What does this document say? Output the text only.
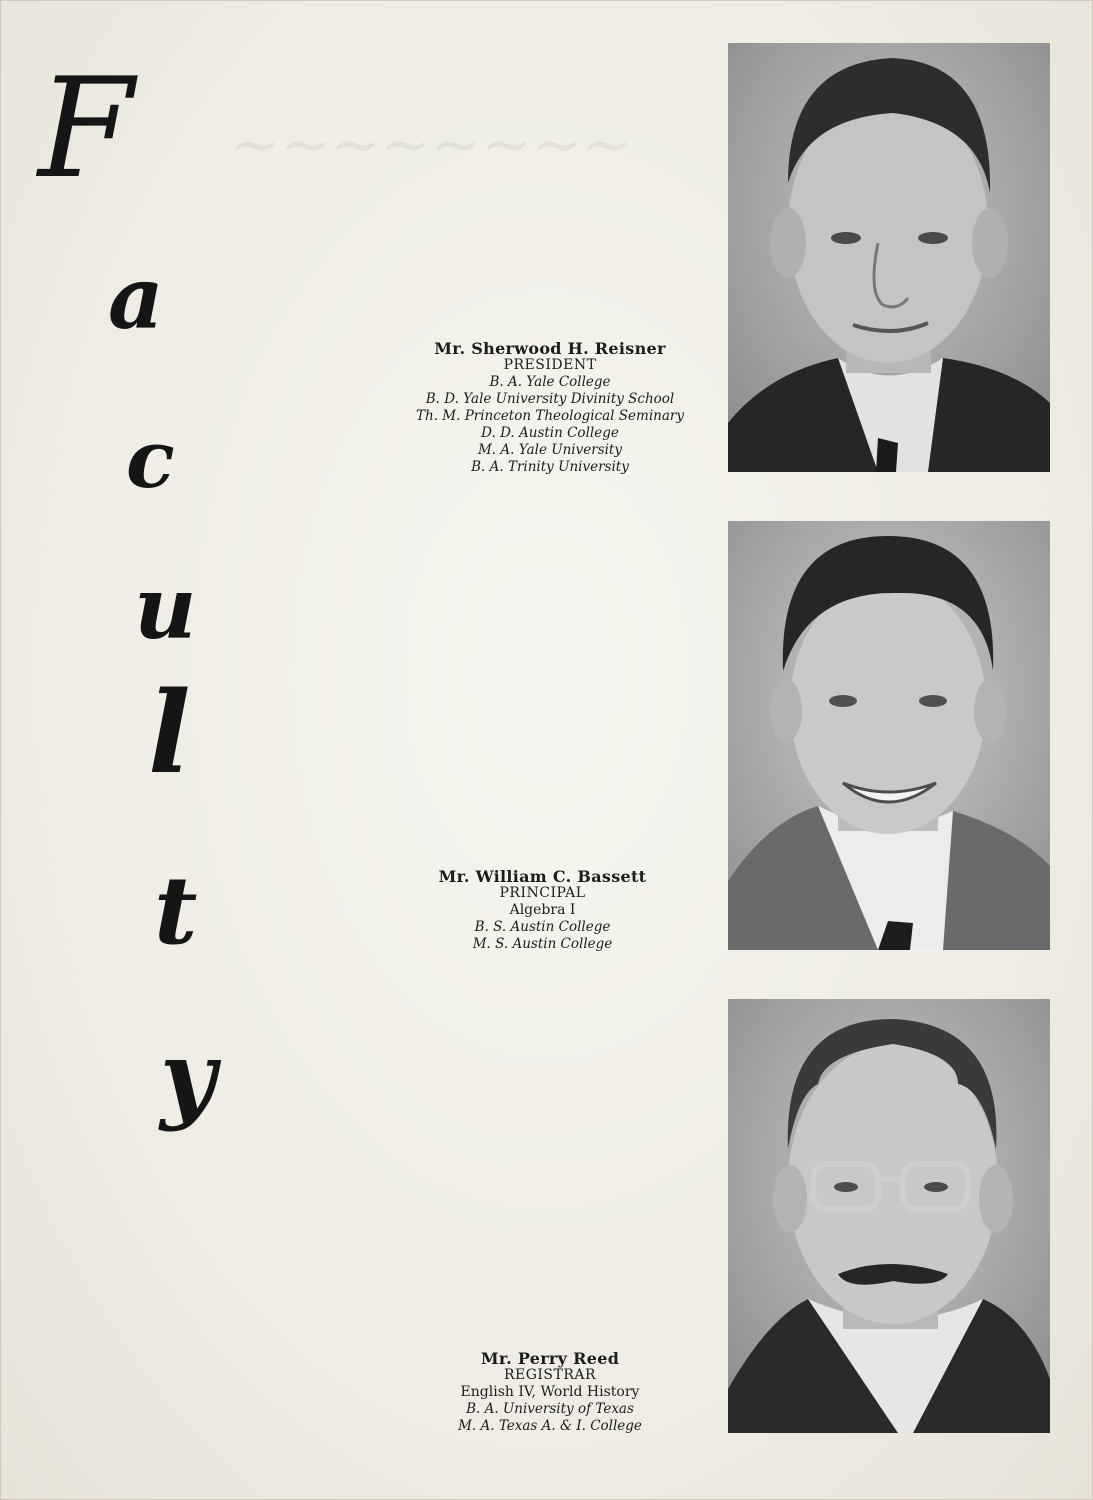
~~~~~~~~
F
a
c
u
l
t
y
Mr. Sherwood H. Reisner
PRESIDENT
B. A. Yale College
B. D. Yale University Divinity School
Th. M. Princeton Theological Seminary
D. D. Austin College
M. A. Yale University
B. A. Trinity University
Mr. William C. Bassett
PRINCIPAL
Algebra I
B. S. Austin College
M. S. Austin College
Mr. Perry Reed
REGISTRAR
English IV, World History
B. A. University of Texas
M. A. Texas A. & I. College
